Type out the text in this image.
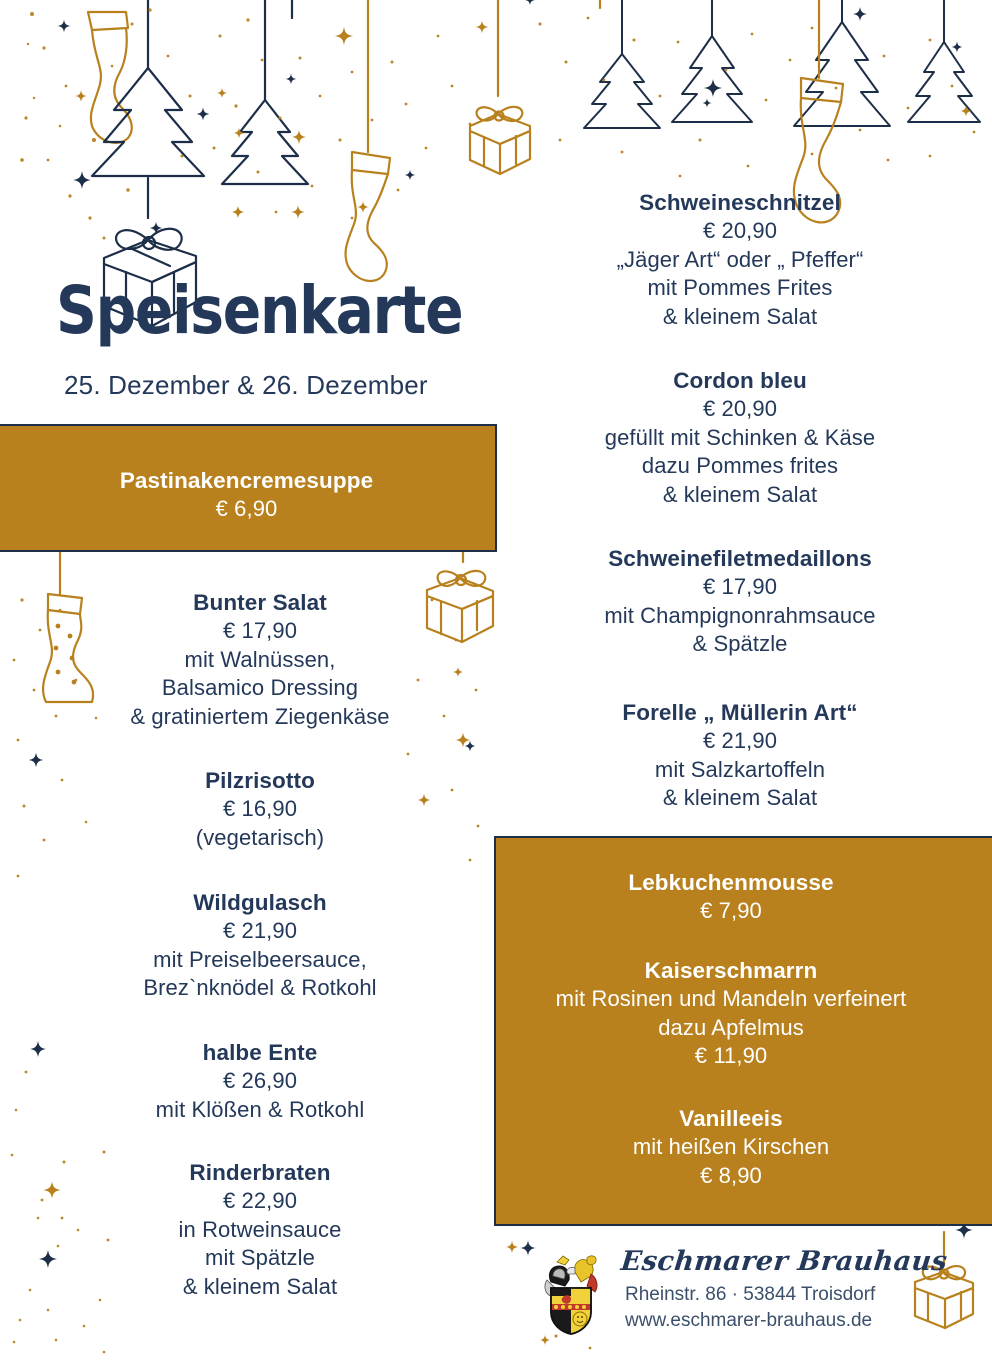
Speisenkarte
25. Dezember & 26. Dezember
Pastinakencremesuppe
€ 6,90
Bunter Salat
€ 17,90
mit Walnüssen,
Balsamico Dressing
& gratiniertem Ziegenkäse
Pilzrisotto
€ 16,90
(vegetarisch)
Wildgulasch
€ 21,90
mit Preiselbeersauce,
Brez`nknödel & Rotkohl
halbe Ente
€ 26,90
mit Klößen & Rotkohl
Rinderbraten
€ 22,90
in Rotweinsauce
mit Spätzle
& kleinem Salat
Schweineschnitzel
€ 20,90
„Jäger Art“ oder „ Pfeffer“
mit Pommes Frites
& kleinem Salat
Cordon bleu
€ 20,90
gefüllt mit Schinken & Käse
dazu Pommes frites
& kleinem Salat
Schweinefiletmedaillons
€ 17,90
mit Champignonrahmsauce
& Spätzle
Forelle „ Müllerin Art“
€ 21,90
mit Salzkartoffeln
& kleinem Salat
Lebkuchenmousse
€ 7,90
Kaiserschmarrn
mit Rosinen und Mandeln verfeinert
dazu Apfelmus
€ 11,90
Vanilleeis
mit heißen Kirschen
€ 8,90
Eschmarer Brauhaus
Rheinstr. 86 · 53844 Troisdorf
www.eschmarer-brauhaus.de
